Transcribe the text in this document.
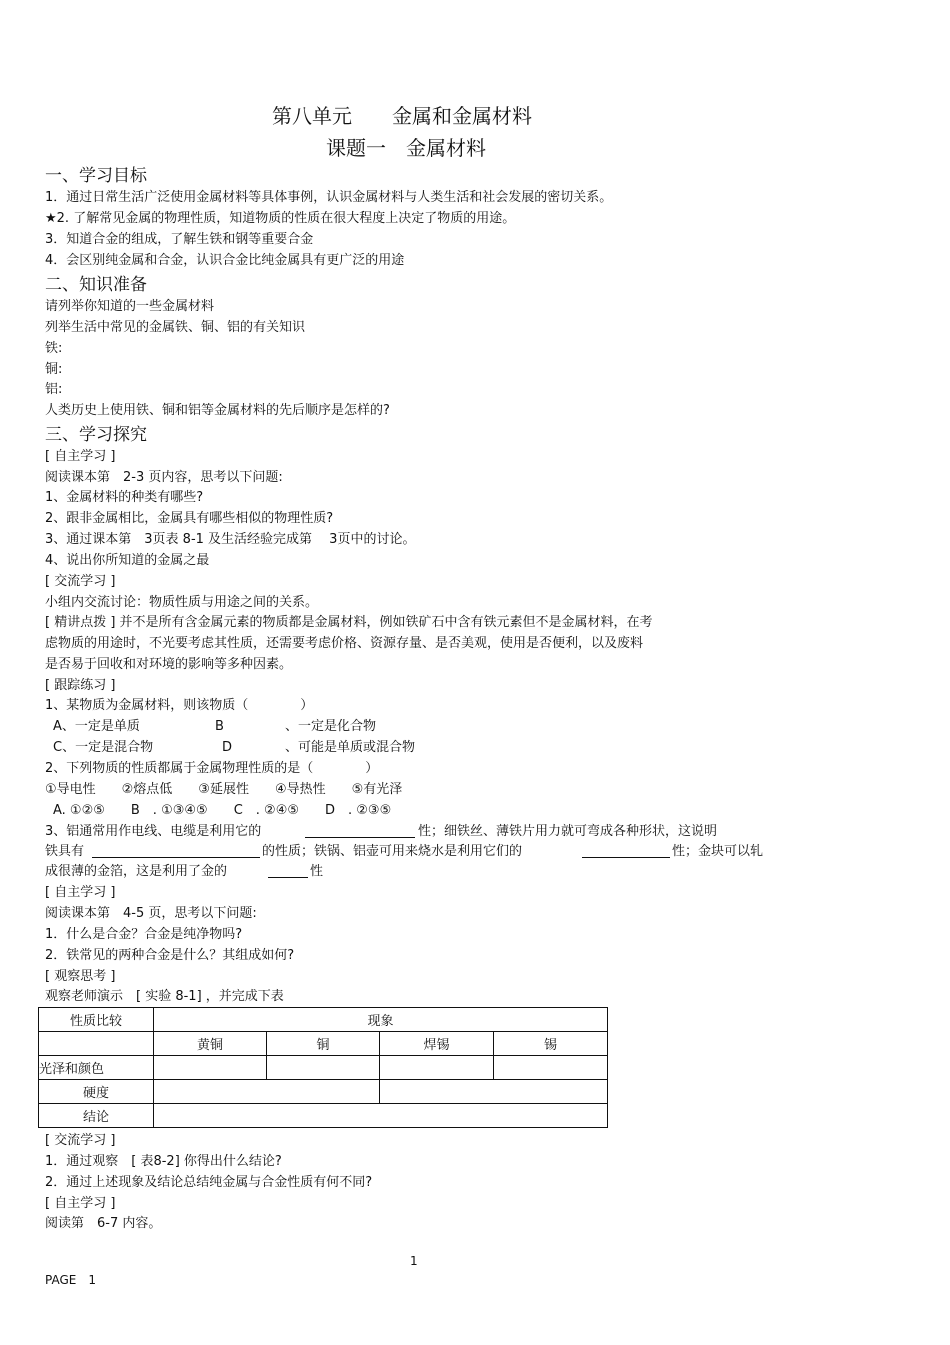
第八单元　　金属和金属材料
课题一　金属材料
一、学习目标
1．通过日常生活广泛使用金属材料等具体事例，认识金属材料与人类生活和社会发展的密切关系。
★2. 了解常见金属的物理性质，知道物质的性质在很大程度上决定了物质的用途。
3．知道合金的组成，了解生铁和钢等重要合金
4．会区别纯金属和合金，认识合金比纯金属具有更广泛的用途
二、知识准备
请列举你知道的一些金属材料
列举生活中常见的金属铁、铜、铝的有关知识
铁:
铜:
铝:
人类历史上使用铁、铜和铝等金属材料的先后顺序是怎样的?
三、学习探究
[ 自主学习 ]
阅读课本第　2-3 页内容，思考以下问题:
1、金属材料的种类有哪些?
2、跟非金属相比，金属具有哪些相似的物理性质?
3、通过课本第　3页表 8-1 及生活经验完成第　 3页中的讨论。
4、说出你所知道的金属之最
[ 交流学习 ]
小组内交流讨论：物质性质与用途之间的关系。
[ 精讲点拨 ] 并不是所有含金属元素的物质都是金属材料，例如铁矿石中含有铁元素但不是金属材料，在考
虑物质的用途时，不光要考虑其性质，还需要考虑价格、资源存量、是否美观，使用是否便利，以及废料
是否易于回收和对环境的影响等多种因素。
[ 跟踪练习 ]
1、某物质为金属材料，则该物质（　　　　）
A、一定是单质	B	、一定是化合物
C、一定是混合物	D	、可能是单质或混合物
2、下列物质的性质都属于金属物理性质的是（　　　　）
①导电性　　②熔点低　　③延展性　　④导热性　　⑤有光泽
A. ①②⑤　　B　. ①③④⑤　　C　. ②④⑤　　D　. ②③⑤
3、铝通常用作电线、电缆是利用它的	性；细铁丝、薄铁片用力就可弯成各种形状，这说明
铁具有	的性质；铁锅、铝壶可用来烧水是利用它们的	性；金块可以轧
成很薄的金箔，这是利用了金的	性
[ 自主学习 ]
阅读课本第　4-5 页，思考以下问题:
1．什么是合金？合金是纯净物吗?
2．铁常见的两种合金是什么？其组成如何?
[ 观察思考 ]
观察老师演示　[ 实验 8-1] ，并完成下表
性质比较	现象			
	黄铜	铜	焊锡	锡
光泽和颜色				
硬度				
结论				
[ 交流学习 ]
1．通过观察　[ 表8-2] 你得出什么结论?
2．通过上述现象及结论总结纯金属与合金性质有何不同?
[ 自主学习 ]
阅读第　6-7 内容。
1
PAGE　1
